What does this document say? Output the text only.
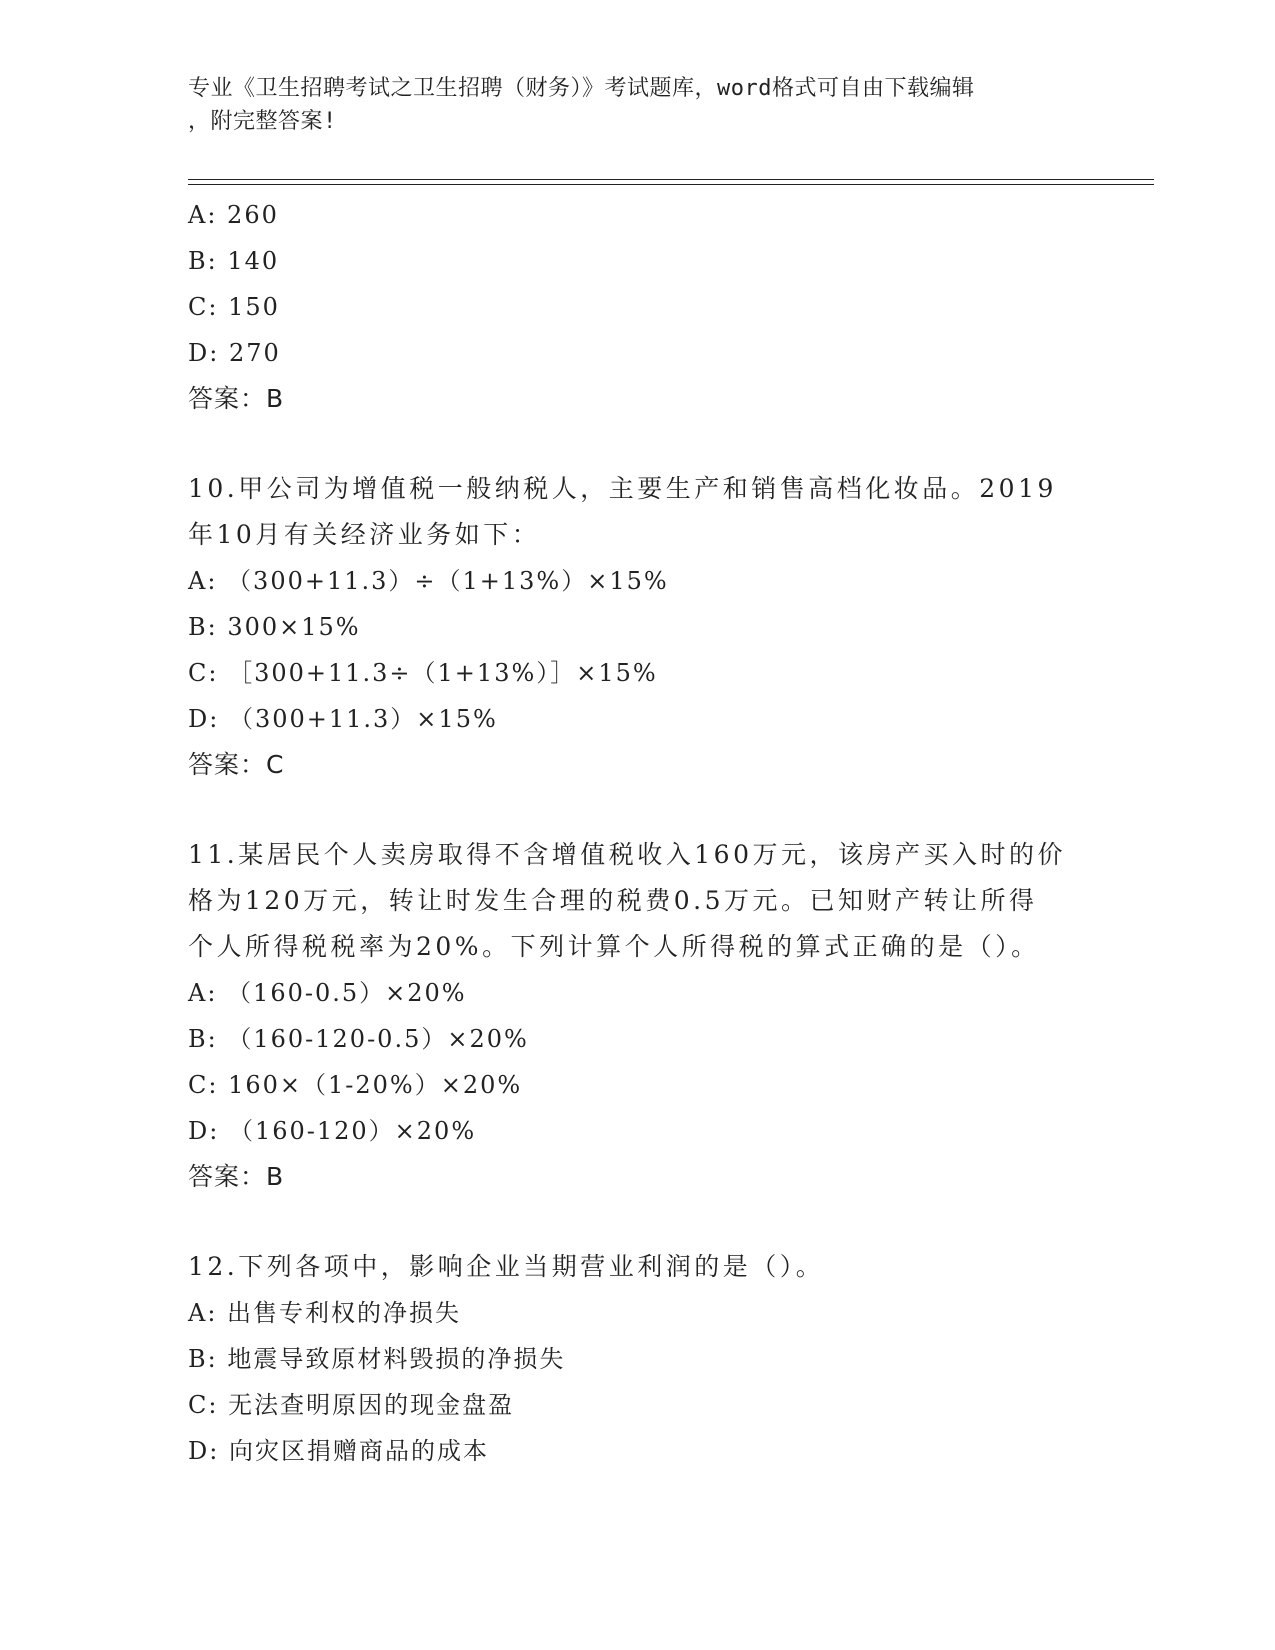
专业《卫生招聘考试之卫生招聘（财务）》考试题库，word格式可自由下载编辑
，附完整答案!
A: 260
B: 140
C: 150
D: 270
答案：B
10.甲公司为增值税一般纳税人，主要生产和销售高档化妆品。2019
年10月有关经济业务如下：
A: （300+11.3）÷（1+13%）×15%
B: 300×15%
C: ［300+11.3÷（1+13%）］×15%
D: （300+11.3）×15%
答案：C
11.某居民个人卖房取得不含增值税收入160万元，该房产买入时的价
格为120万元，转让时发生合理的税费0.5万元。已知财产转让所得
个人所得税税率为20%。下列计算个人所得税的算式正确的是（）。
A: （160-0.5）×20%
B: （160-120-0.5）×20%
C: 160×（1-20%）×20%
D: （160-120）×20%
答案：B
12.下列各项中，影响企业当期营业利润的是（）。
A: 出售专利权的净损失
B: 地震导致原材料毁损的净损失
C: 无法查明原因的现金盘盈
D: 向灾区捐赠商品的成本
